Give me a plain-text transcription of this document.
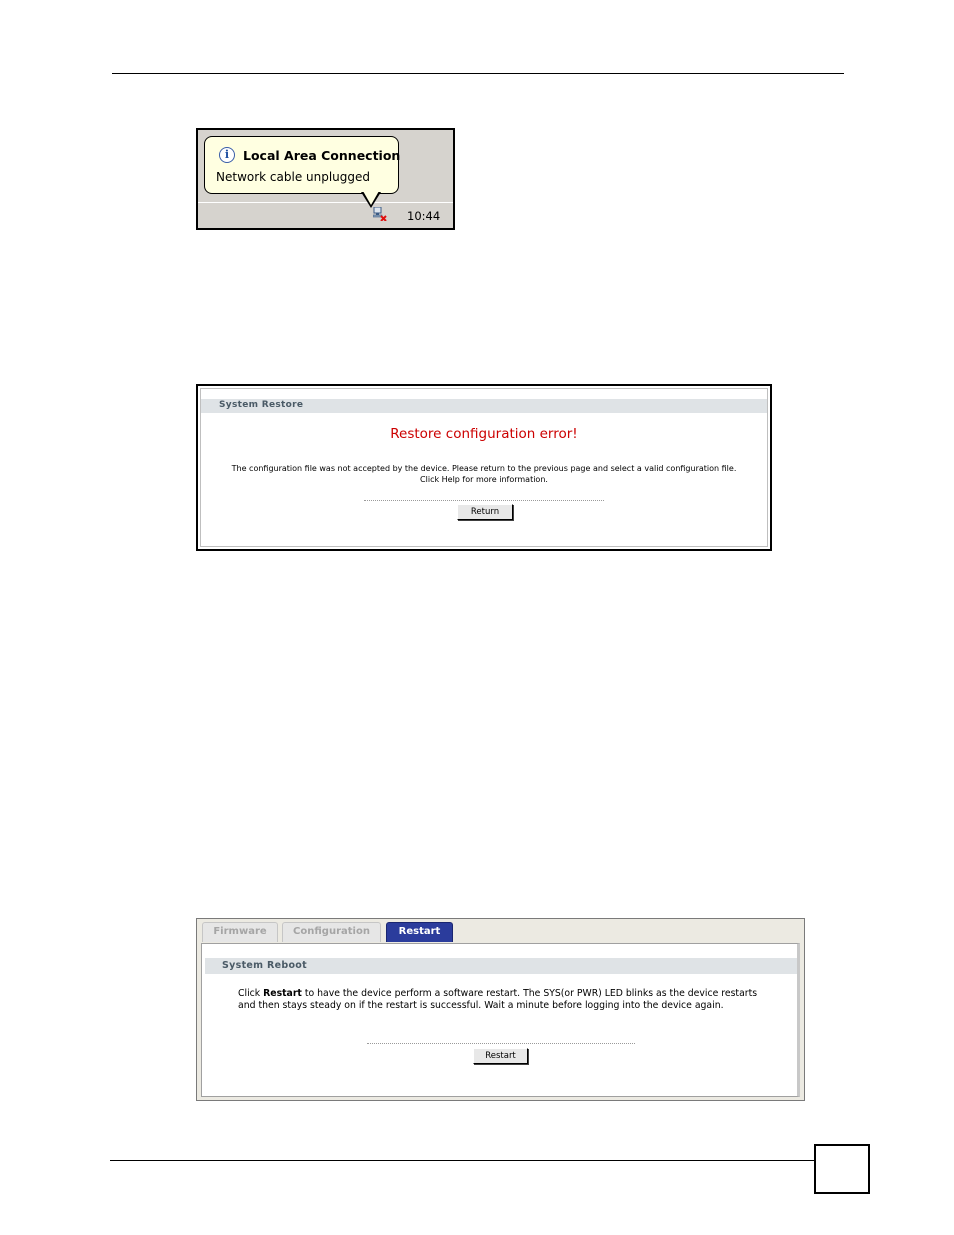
i	Local Area Connection
Network cable unplugged
10:44
System Restore
Restore configuration error!
The configuration file was not accepted by the device. Please return to the previous page and select a valid configuration file. Click Help for more information.
Return
Firmware	Configuration	Restart
System Reboot
Click Restart to have the device perform a software restart. The SYS(or PWR) LED blinks as the device restarts and then stays steady on if the restart is successful. Wait a minute before logging into the device again.
Restart
